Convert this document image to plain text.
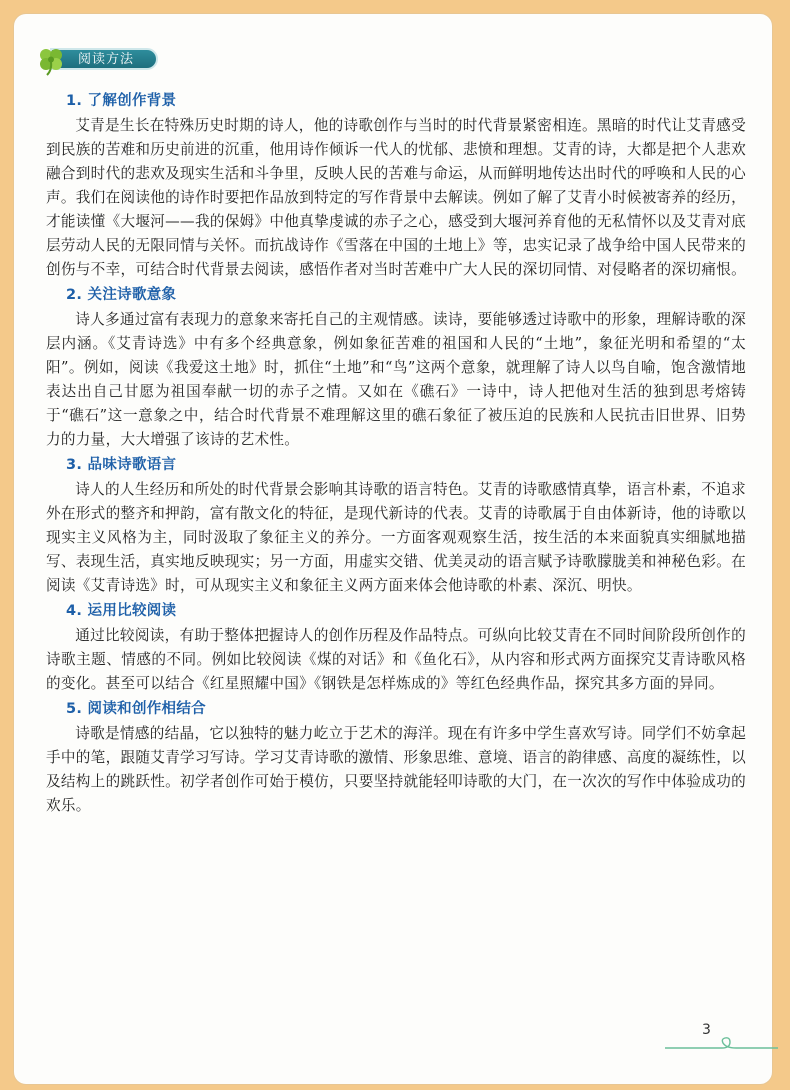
阅读方法
1. 了解创作背景

艾青是生长在特殊历史时期的诗人，他的诗歌创作与当时的时代背景紧密相连。黑暗的时代让艾青感受到民族的苦难和历史前进的沉重，他用诗作倾诉一代人的忧郁、悲愤和理想。艾青的诗，大都是把个人悲欢融合到时代的悲欢及现实生活和斗争里，反映人民的苦难与命运，从而鲜明地传达出时代的呼唤和人民的心声。我们在阅读他的诗作时要把作品放到特定的写作背景中去解读。例如了解了艾青小时候被寄养的经历，才能读懂《大堰河——我的保姆》中他真挚虔诚的赤子之心，感受到大堰河养育他的无私情怀以及艾青对底层劳动人民的无限同情与关怀。而抗战诗作《雪落在中国的土地上》等，忠实记录了战争给中国人民带来的创伤与不幸，可结合时代背景去阅读，感悟作者对当时苦难中广大人民的深切同情、对侵略者的深切痛恨。

2. 关注诗歌意象

诗人多通过富有表现力的意象来寄托自己的主观情感。读诗，要能够透过诗歌中的形象，理解诗歌的深层内涵。《艾青诗选》中有多个经典意象，例如象征苦难的祖国和人民的“土地”，象征光明和希望的“太阳”。例如，阅读《我爱这土地》时，抓住“土地”和“鸟”这两个意象，就理解了诗人以鸟自喻，饱含激情地表达出自己甘愿为祖国奉献一切的赤子之情。又如在《礁石》一诗中，诗人把他对生活的独到思考熔铸于“礁石”这一意象之中，结合时代背景不难理解这里的礁石象征了被压迫的民族和人民抗击旧世界、旧势力的力量，大大增强了该诗的艺术性。

3. 品味诗歌语言

诗人的人生经历和所处的时代背景会影响其诗歌的语言特色。艾青的诗歌感情真挚，语言朴素，不追求外在形式的整齐和押韵，富有散文化的特征，是现代新诗的代表。艾青的诗歌属于自由体新诗，他的诗歌以现实主义风格为主，同时汲取了象征主义的养分。一方面客观观察生活，按生活的本来面貌真实细腻地描写、表现生活，真实地反映现实；另一方面，用虚实交错、优美灵动的语言赋予诗歌朦胧美和神秘色彩。在阅读《艾青诗选》时，可从现实主义和象征主义两方面来体会他诗歌的朴素、深沉、明快。

4. 运用比较阅读

通过比较阅读，有助于整体把握诗人的创作历程及作品特点。可纵向比较艾青在不同时间阶段所创作的诗歌主题、情感的不同。例如比较阅读《煤的对话》和《鱼化石》，从内容和形式两方面探究艾青诗歌风格的变化。甚至可以结合《红星照耀中国》《钢铁是怎样炼成的》等红色经典作品，探究其多方面的异同。

5. 阅读和创作相结合

诗歌是情感的结晶，它以独特的魅力屹立于艺术的海洋。现在有许多中学生喜欢写诗。同学们不妨拿起手中的笔，跟随艾青学习写诗。学习艾青诗歌的激情、形象思维、意境、语言的韵律感、高度的凝练性，以及结构上的跳跃性。初学者创作可始于模仿，只要坚持就能轻叩诗歌的大门，在一次次的写作中体验成功的欢乐。

3
